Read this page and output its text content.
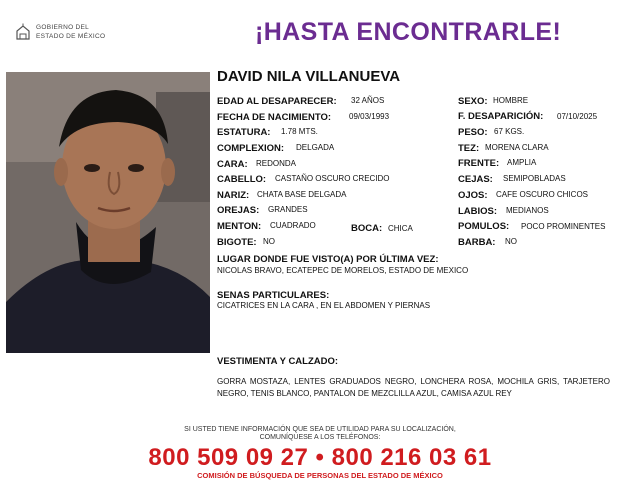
GOBIERNO DEL
ESTADO DE MÉXICO	¡HASTA ENCONTRARLE!
DAVID NILA VILLANUEVA
EDAD AL DESAPARECER: 32 AÑOS
FECHA DE NACIMIENTO: 09/03/1993
ESTATURA: 1.78 MTS.
COMPLEXION: DELGADA
CARA: REDONDA
CABELLO: CASTAÑO OSCURO CRECIDO
NARIZ: CHATA BASE DELGADA
OREJAS: GRANDES
MENTON: CUADRADO	BOCA: CHICA
BIGOTE: NO
SEXO: HOMBRE
F. DESAPARICIÓN: 07/10/2025
PESO: 67 KGS.
TEZ: MORENA CLARA
FRENTE: AMPLIA
CEJAS: SEMIPOBLADAS
OJOS: CAFE OSCURO CHICOS
LABIOS: MEDIANOS
POMULOS: POCO PROMINENTES
BARBA: NO
LUGAR DONDE FUE VISTO(A) POR ÚLTIMA VEZ:
NICOLAS BRAVO, ECATEPEC DE MORELOS, ESTADO DE MEXICO
SENAS PARTICULARES:
CICATRICES EN LA CARA , EN EL ABDOMEN Y PIERNAS
VESTIMENTA Y CALZADO:
GORRA MOSTAZA, LENTES GRADUADOS NEGRO, LONCHERA ROSA, MOCHILA GRIS, TARJETERO NEGRO, TENIS BLANCO, PANTALON DE MEZCLILLA AZUL, CAMISA AZUL REY
SI USTED TIENE INFORMACIÓN QUE SEA DE UTILIDAD PARA SU LOCALIZACIÓN,
COMUNÍQUESE A LOS TELÉFONOS:
800 509 09 27 • 800 216 03 61
COMISIÓN DE BÚSQUEDA DE PERSONAS DEL ESTADO DE MÉXICO
